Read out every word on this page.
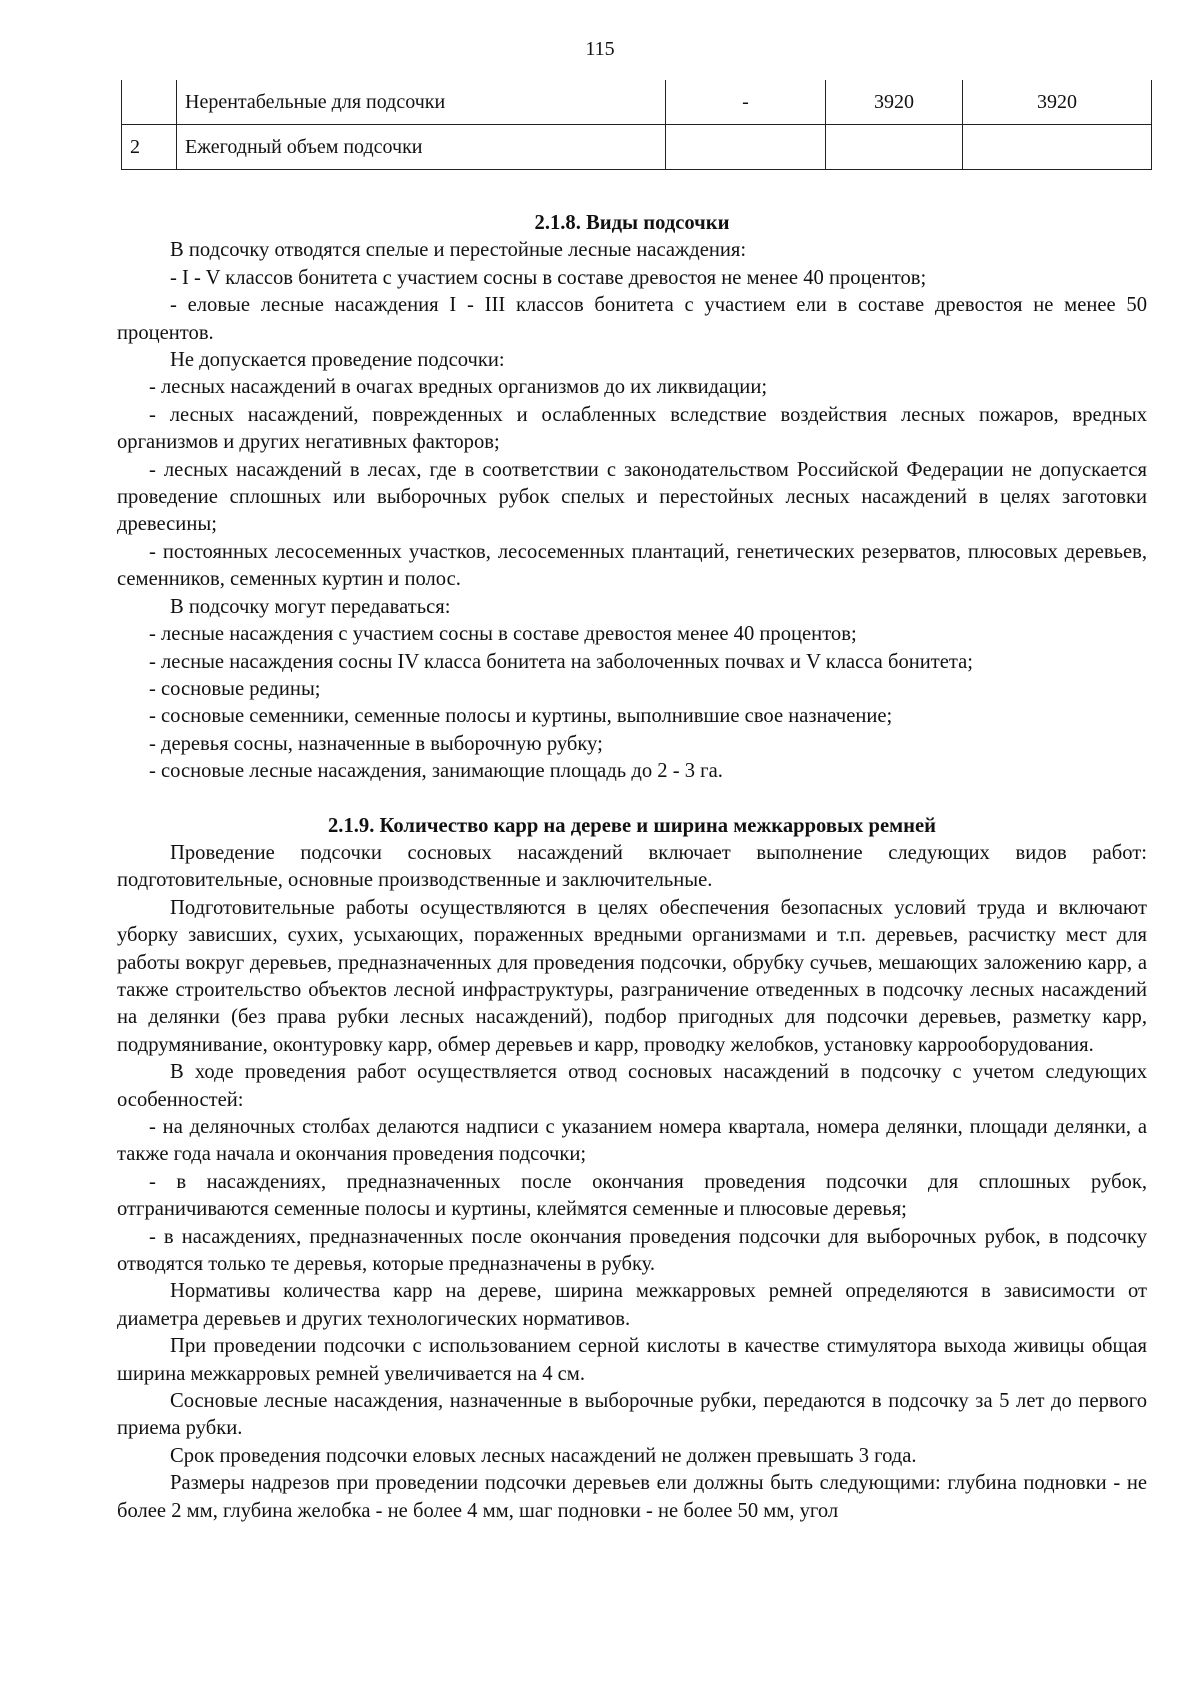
115
	Нерентабельные для подсочки	-	3920	3920
2	Ежегодный объем подсочки			
2.1.8. Виды подсочки

В подсочку отводятся спелые и перестойные лесные насаждения:

- I - V классов бонитета с участием сосны в составе древостоя не менее 40 процентов;

- еловые лесные насаждения I - III классов бонитета с участием ели в составе древостоя не менее 50 процентов.

Не допускается проведение подсочки:

- лесных насаждений в очагах вредных организмов до их ликвидации;

- лесных насаждений, поврежденных и ослабленных вследствие воздействия лесных пожаров, вредных организмов и других негативных факторов;

- лесных насаждений в лесах, где в соответствии с законодательством Российской Федерации не допускается проведение сплошных или выборочных рубок спелых и перестойных лесных насаждений в целях заготовки древесины;

- постоянных лесосеменных участков, лесосеменных плантаций, генетических резерватов, плюсовых деревьев, семенников, семенных куртин и полос.

В подсочку могут передаваться:

- лесные насаждения с участием сосны в составе древостоя менее 40 процентов;

- лесные насаждения сосны IV класса бонитета на заболоченных почвах и V класса бонитета;

- сосновые редины;

- сосновые семенники, семенные полосы и куртины, выполнившие свое назначение;

- деревья сосны, назначенные в выборочную рубку;

- сосновые лесные насаждения, занимающие площадь до 2 - 3 га.

2.1.9. Количество карр на дереве и ширина межкарровых ремней

Проведение подсочки сосновых насаждений включает выполнение следующих видов работ: подготовительные, основные производственные и заключительные.

Подготовительные работы осуществляются в целях обеспечения безопасных условий труда и включают уборку зависших, сухих, усыхающих, пораженных вредными организмами и т.п. деревьев, расчистку мест для работы вокруг деревьев, предназначенных для проведения подсочки, обрубку сучьев, мешающих заложению карр, а также строительство объектов лесной инфраструктуры, разграничение отведенных в подсочку лесных насаждений на делянки (без права рубки лесных насаждений), подбор пригодных для подсочки деревьев, разметку карр, подрумянивание, оконтуровку карр, обмер деревьев и карр, проводку желобков, установку каррооборудования.

В ходе проведения работ осуществляется отвод сосновых насаждений в подсочку с учетом следующих особенностей:

- на деляночных столбах делаются надписи с указанием номера квартала, номера делянки, площади делянки, а также года начала и окончания проведения подсочки;

- в насаждениях, предназначенных после окончания проведения подсочки для сплошных рубок, отграничиваются семенные полосы и куртины, клеймятся семенные и плюсовые деревья;

- в насаждениях, предназначенных после окончания проведения подсочки для выборочных рубок, в подсочку отводятся только те деревья, которые предназначены в рубку.

Нормативы количества карр на дереве, ширина межкарровых ремней определяются в зависимости от диаметра деревьев и других технологических нормативов.

При проведении подсочки с использованием серной кислоты в качестве стимулятора выхода живицы общая ширина межкарровых ремней увеличивается на 4 см.

Сосновые лесные насаждения, назначенные в выборочные рубки, передаются в подсочку за 5 лет до первого приема рубки.

Срок проведения подсочки еловых лесных насаждений не должен превышать 3 года.

Размеры надрезов при проведении подсочки деревьев ели должны быть следующими: глубина подновки - не более 2 мм, глубина желобка - не более 4 мм, шаг подновки - не более 50 мм, угол
